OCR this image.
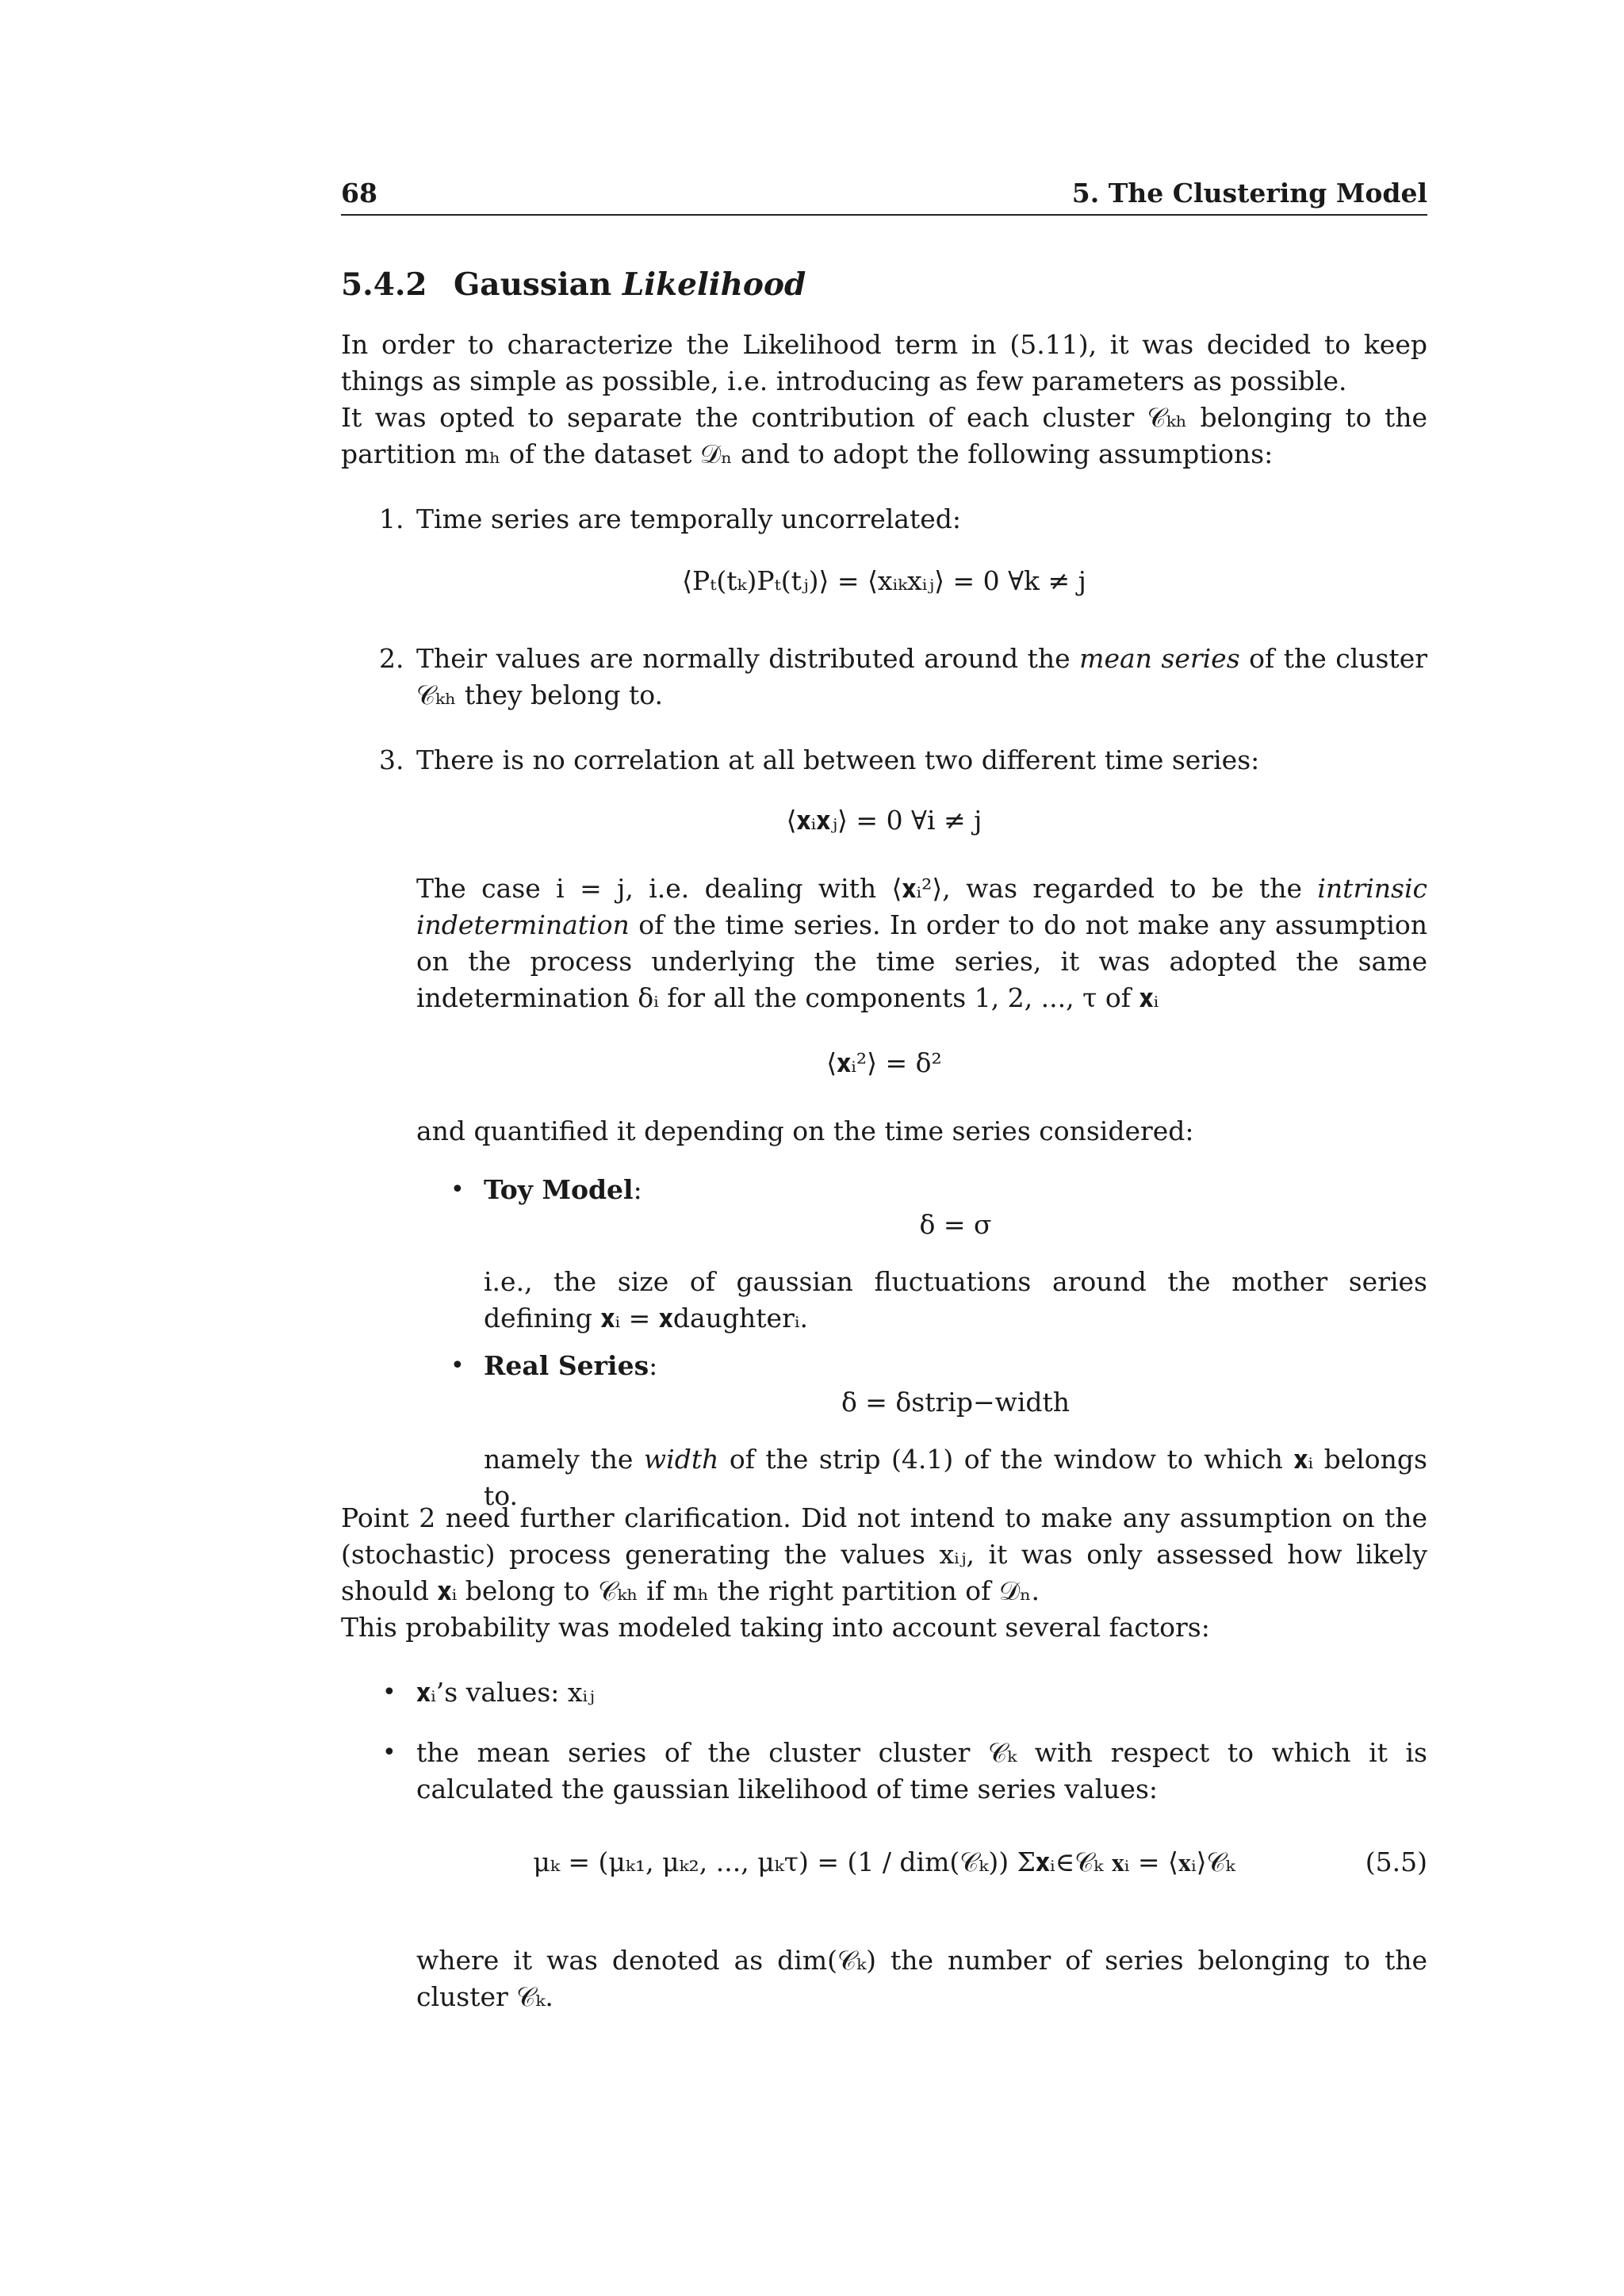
68	5. The Clustering Model
5.4.2 Gaussian Likelihood

In order to characterize the Likelihood term in (5.11), it was decided to keep things as simple as possible, i.e. introducing as few parameters as possible.

It was opted to separate the contribution of each cluster 𝒞ₖₕ belonging to the partition mₕ of the dataset 𝒟ₙ and to adopt the following assumptions:

1. Time series are temporally uncorrelated:
⟨Pₜ(tₖ)Pₜ(tⱼ)⟩ = ⟨xᵢₖxᵢⱼ⟩ = 0 ∀k ≠ j
2. Their values are normally distributed around the mean series of the cluster 𝒞ₖₕ they belong to.
3. There is no correlation at all between two different time series:
⟨𝐱ᵢ𝐱ⱼ⟩ = 0 ∀i ≠ j
The case i = j, i.e. dealing with ⟨𝐱ᵢ²⟩, was regarded to be the intrinsic indetermination of the time series. In order to do not make any assumption on the process underlying the time series, it was adopted the same indetermination δᵢ for all the components 1, 2, ..., τ of 𝐱ᵢ
⟨𝐱ᵢ²⟩ = δ²
and quantified it depending on the time series considered:
• Toy Model:
δ = σ
i.e., the size of gaussian fluctuations around the mother series defining 𝐱ᵢ = 𝐱daughterᵢ.
• Real Series:
δ = δstrip−width
namely the width of the strip (4.1) of the window to which 𝐱ᵢ belongs to.

Point 2 need further clarification. Did not intend to make any assumption on the (stochastic) process generating the values xᵢⱼ, it was only assessed how likely should 𝐱ᵢ belong to 𝒞ₖₕ if mₕ the right partition of 𝒟ₙ.

This probability was modeled taking into account several factors:

• 𝐱ᵢ’s values: xᵢⱼ
• the mean series of the cluster cluster 𝒞ₖ with respect to which it is calculated the gaussian likelihood of time series values:
μₖ = (μₖ₁, μₖ₂, ..., μₖτ) = (1 / dim(𝒞ₖ)) Σ𝐱ᵢ∈𝒞ₖ 𝐱ᵢ = ⟨𝐱ᵢ⟩𝒞ₖ	(5.5)
where it was denoted as dim(𝒞ₖ) the number of series belonging to the cluster 𝒞ₖ.
